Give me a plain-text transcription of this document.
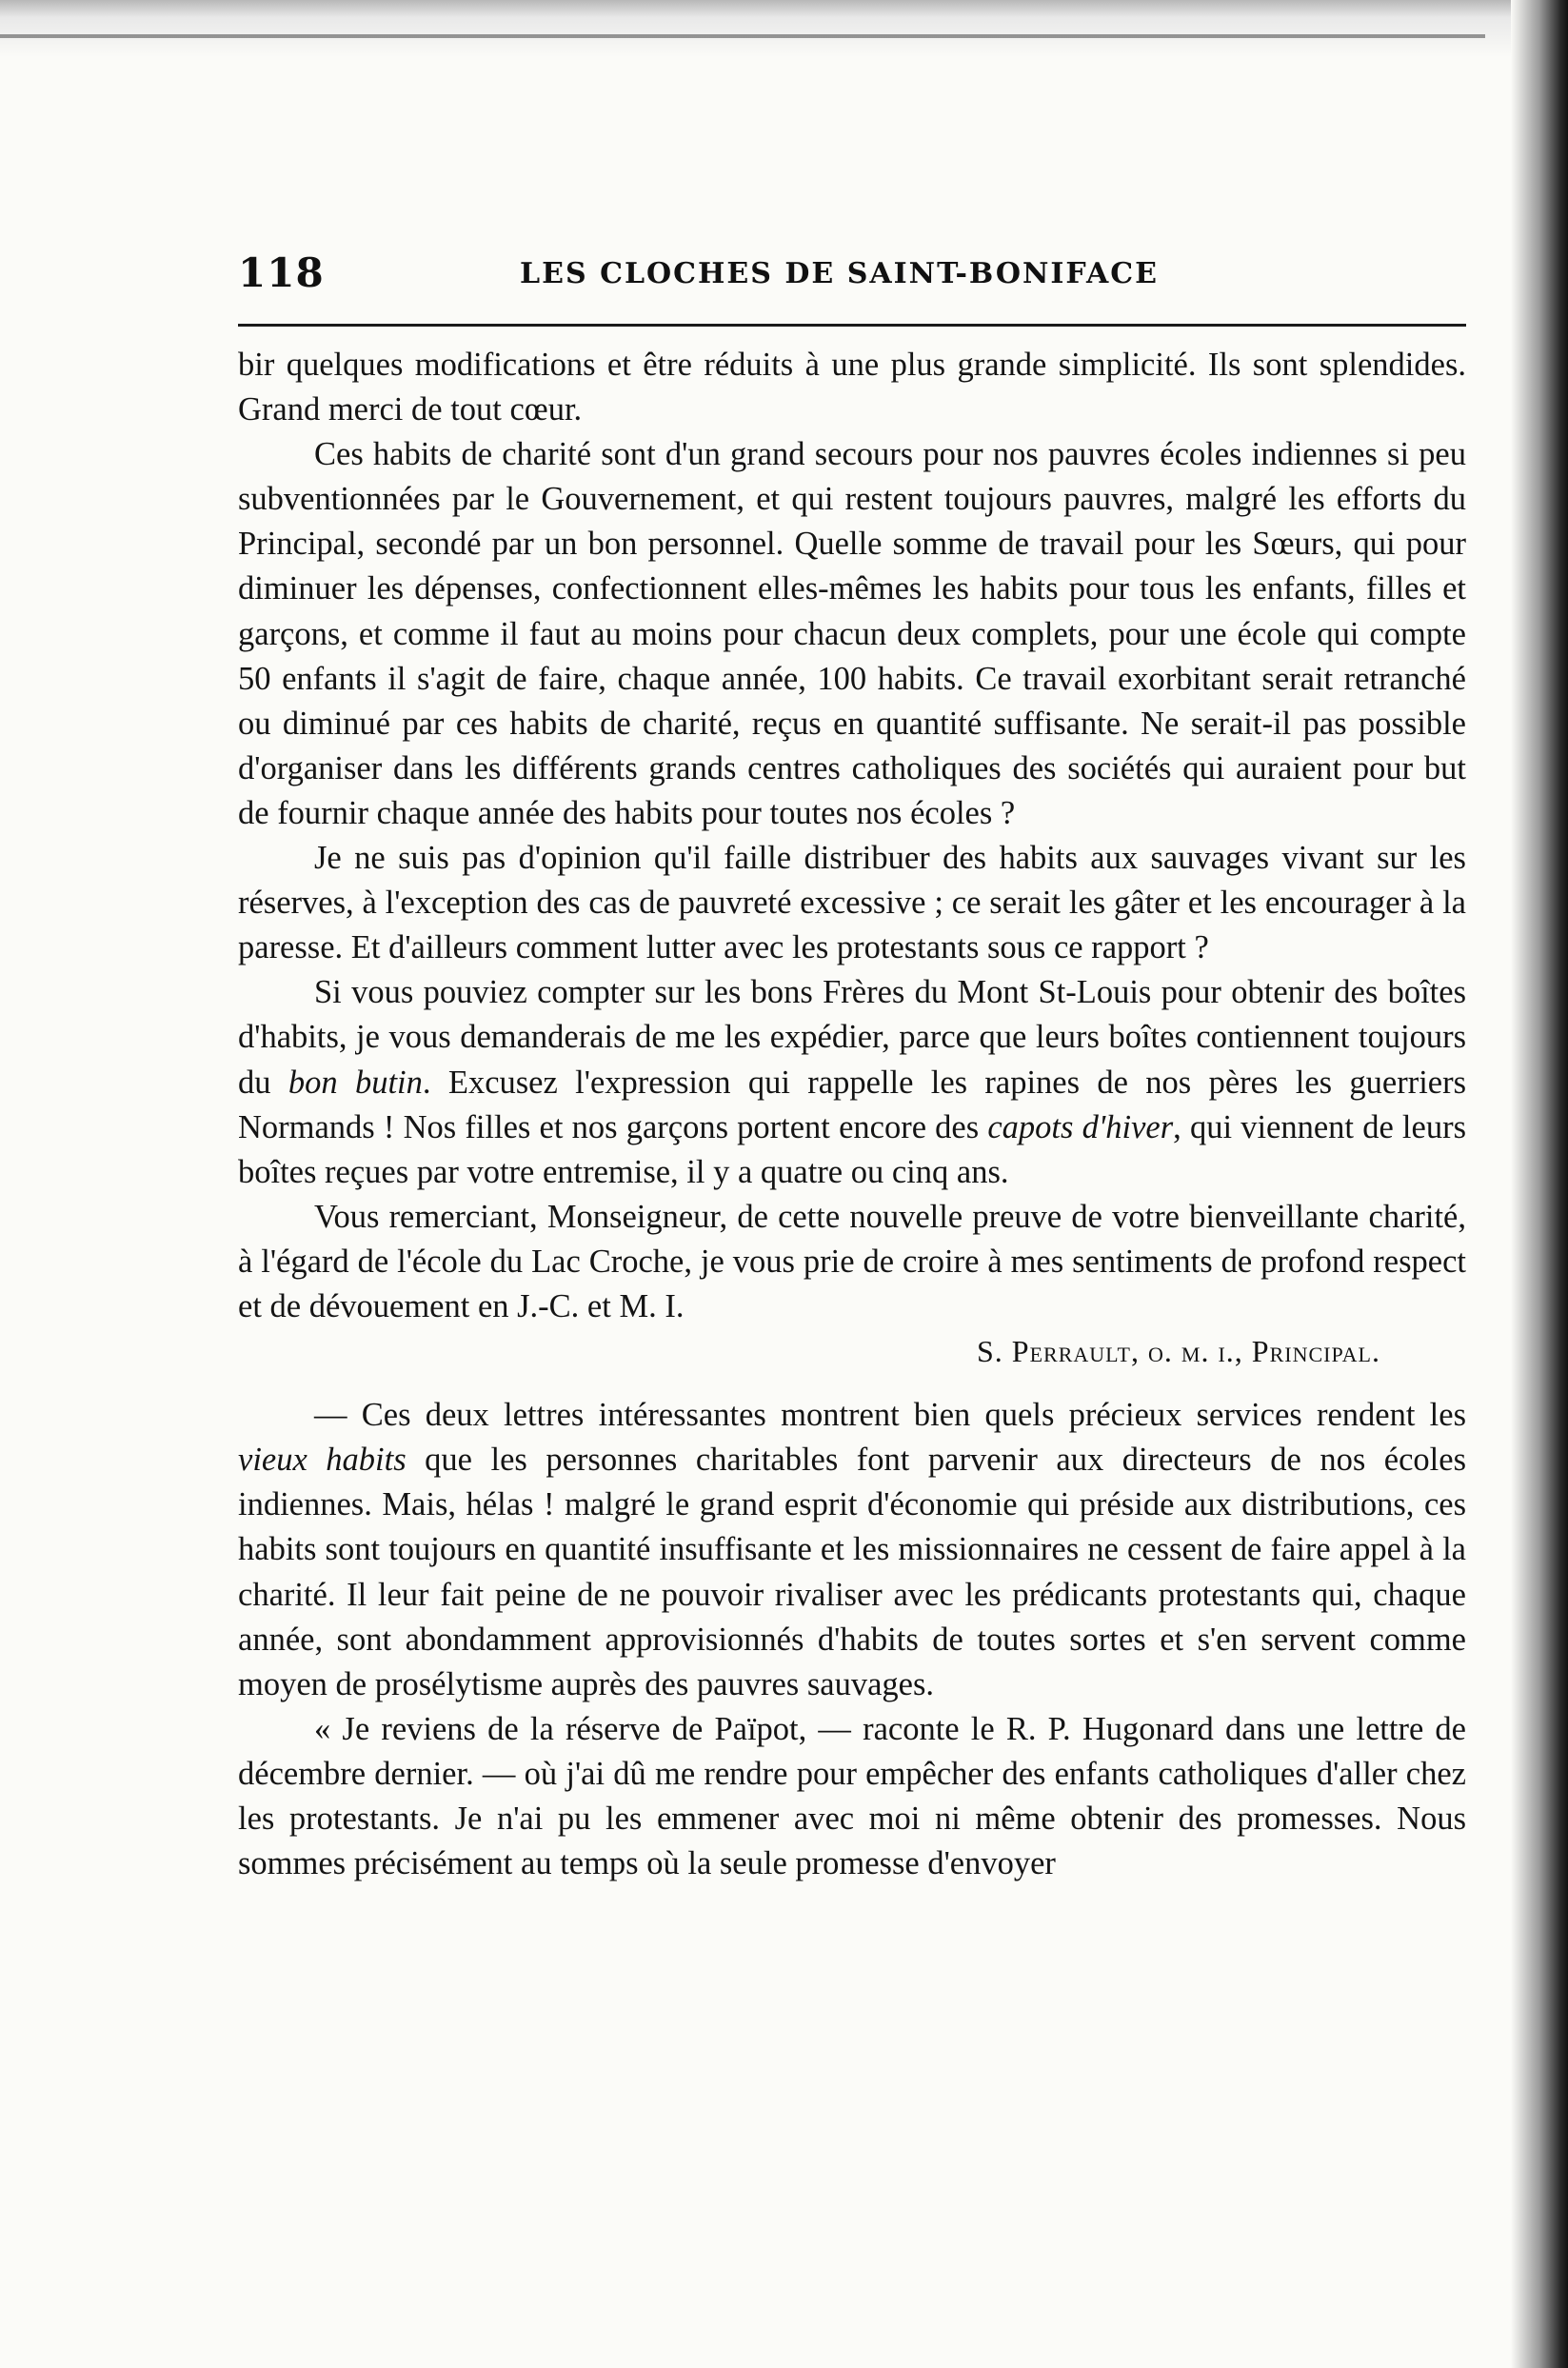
118	LES CLOCHES DE SAINT-BONIFACE

bir quelques modifications et être réduits à une plus grande simplicité. Ils sont splendides. Grand merci de tout cœur.

Ces habits de charité sont d'un grand secours pour nos pauvres écoles indiennes si peu subventionnées par le Gouvernement, et qui restent toujours pauvres, malgré les efforts du Principal, secondé par un bon personnel. Quelle somme de travail pour les Sœurs, qui pour diminuer les dépenses, confectionnent elles-mêmes les habits pour tous les enfants, filles et garçons, et comme il faut au moins pour chacun deux complets, pour une école qui compte 50 enfants il s'agit de faire, chaque année, 100 habits. Ce travail exorbitant serait retranché ou diminué par ces habits de charité, reçus en quantité suffisante. Ne serait-il pas possible d'organiser dans les différents grands centres catholiques des sociétés qui auraient pour but de fournir chaque année des habits pour toutes nos écoles ?

Je ne suis pas d'opinion qu'il faille distribuer des habits aux sauvages vivant sur les réserves, à l'exception des cas de pauvreté excessive ; ce serait les gâter et les encourager à la paresse. Et d'ailleurs comment lutter avec les protestants sous ce rapport ?

Si vous pouviez compter sur les bons Frères du Mont St-Louis pour obtenir des boîtes d'habits, je vous demanderais de me les expédier, parce que leurs boîtes contiennent toujours du bon butin. Excusez l'expression qui rappelle les rapines de nos pères les guerriers Normands ! Nos filles et nos garçons portent encore des capots d'hiver, qui viennent de leurs boîtes reçues par votre entremise, il y a quatre ou cinq ans.

Vous remerciant, Monseigneur, de cette nouvelle preuve de votre bienveillante charité, à l'égard de l'école du Lac Croche, je vous prie de croire à mes sentiments de profond respect et de dévouement en J.-C. et M. I.

S. Perrault, o. m. i., Principal.

— Ces deux lettres intéressantes montrent bien quels précieux services rendent les vieux habits que les personnes charitables font parvenir aux directeurs de nos écoles indiennes. Mais, hélas ! malgré le grand esprit d'économie qui préside aux distributions, ces habits sont toujours en quantité insuffisante et les missionnaires ne cessent de faire appel à la charité. Il leur fait peine de ne pouvoir rivaliser avec les prédicants protestants qui, chaque année, sont abondamment approvisionnés d'habits de toutes sortes et s'en servent comme moyen de prosélytisme auprès des pauvres sauvages.

« Je reviens de la réserve de Païpot, — raconte le R. P. Hugonard dans une lettre de décembre dernier. — où j'ai dû me rendre pour empêcher des enfants catholiques d'aller chez les protestants. Je n'ai pu les emmener avec moi ni même obtenir des promesses. Nous sommes précisément au temps où la seule promesse d'envoyer
